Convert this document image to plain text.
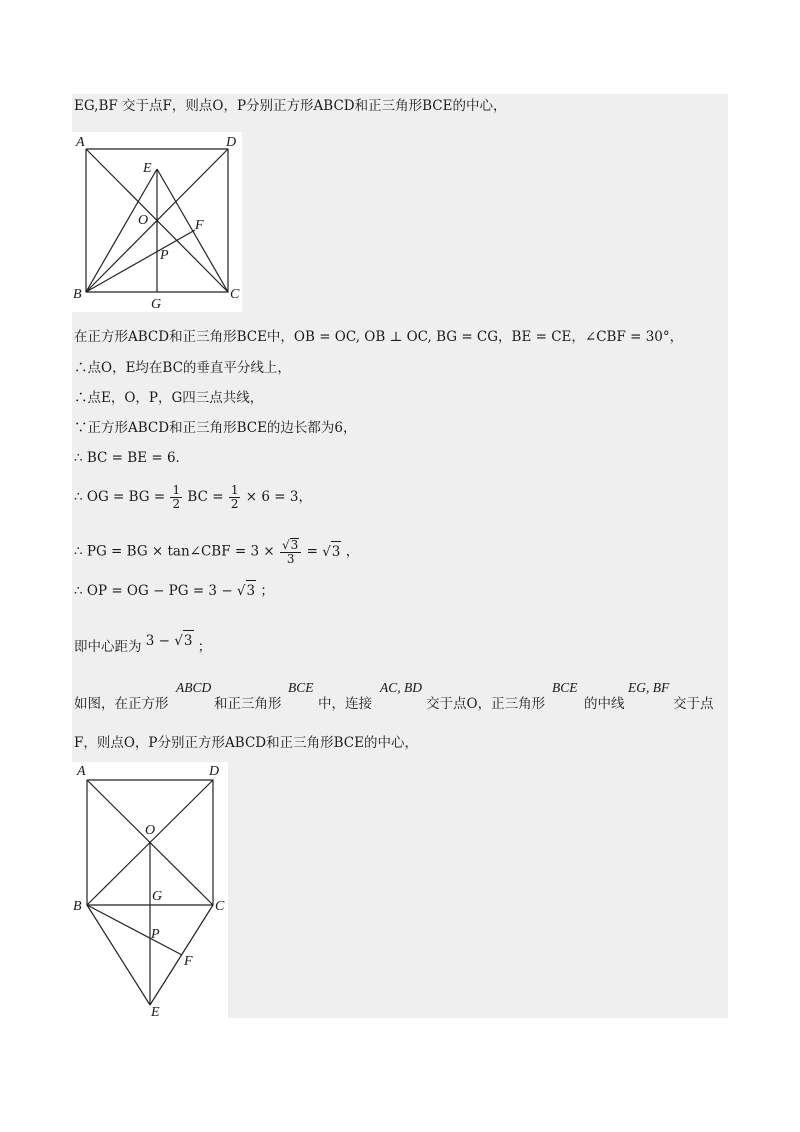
EG,BF 交于点F，则点O，P分别正方形ABCD和正三角形BCE的中心，
A	D
E
O	F
P
B
G
C
在正方形ABCD和正三角形BCE中，OB = OC, OB ⊥ OC, BG = CG，BE = CE，∠CBF = 30°，
∴点O，E均在BC的垂直平分线上，
∴点E，O，P，G四三点共线，
∵正方形ABCD和正三角形BCE的边长都为6，
∴ BC = BE = 6．
∴ OG = BG = $\frac{1}{2}$ BC = $\frac{1}{2} \times 6 = 3$，
∴ PG = BG × tan∠CBF = $3 \times \frac{√3}{3} = √3$ ，
∴ OP = OG − PG = 3 − √3 ；
即中心距为 3 − √3 ；
如图，在正方形
ABCD
和正三角形
BCE
中，连接
AC, BD
交于点O，正三角形
BCE
的中线
EG, BF
交于点
F，则点O，P分别正方形ABCD和正三角形BCE的中心，
A	D
O
B
G
C
P
F
E
